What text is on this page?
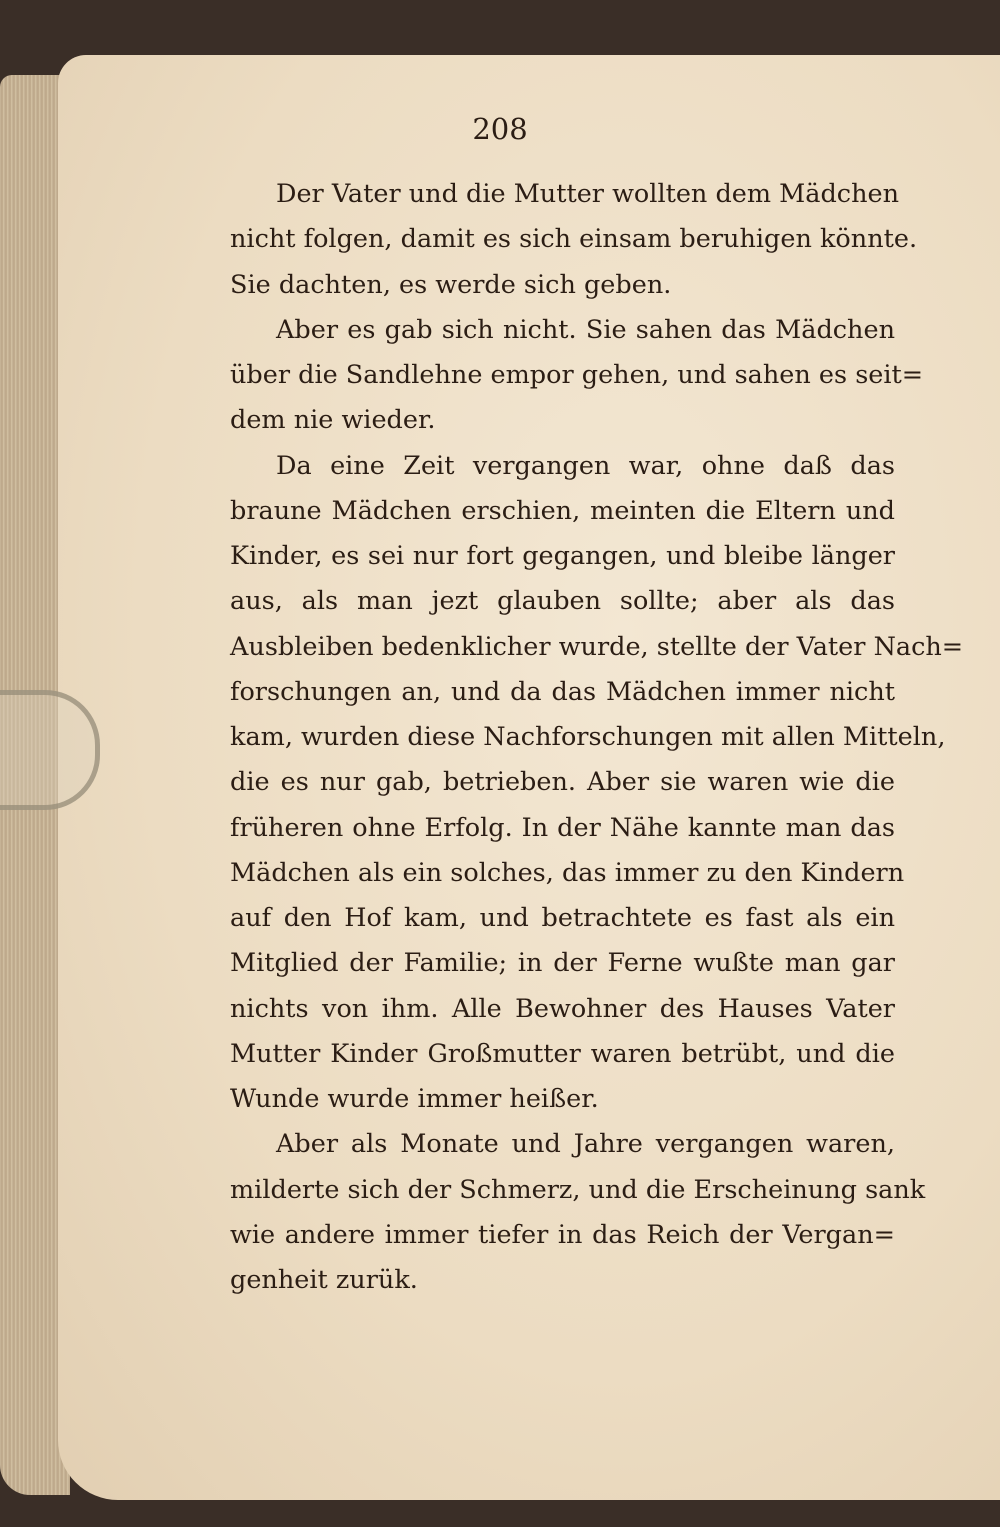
208
Der Vater und die Mutter wollten dem Mädchen
nicht folgen, damit es sich einsam beruhigen könnte.
Sie dachten, es werde sich geben.
Aber es gab sich nicht. Sie sahen das Mädchen
über die Sandlehne empor gehen, und sahen es seit=
dem nie wieder.
Da eine Zeit vergangen war, ohne daß das
braune Mädchen erschien, meinten die Eltern und
Kinder, es sei nur fort gegangen, und bleibe länger
aus, als man jezt glauben sollte; aber als das
Ausbleiben bedenklicher wurde, stellte der Vater Nach=
forschungen an, und da das Mädchen immer nicht
kam, wurden diese Nachforschungen mit allen Mitteln,
die es nur gab, betrieben. Aber sie waren wie die
früheren ohne Erfolg. In der Nähe kannte man das
Mädchen als ein solches, das immer zu den Kindern
auf den Hof kam, und betrachtete es fast als ein
Mitglied der Familie; in der Ferne wußte man gar
nichts von ihm. Alle Bewohner des Hauses Vater
Mutter Kinder Großmutter waren betrübt, und die
Wunde wurde immer heißer.
Aber als Monate und Jahre vergangen waren,
milderte sich der Schmerz, und die Erscheinung sank
wie andere immer tiefer in das Reich der Vergan=
genheit zurük.
